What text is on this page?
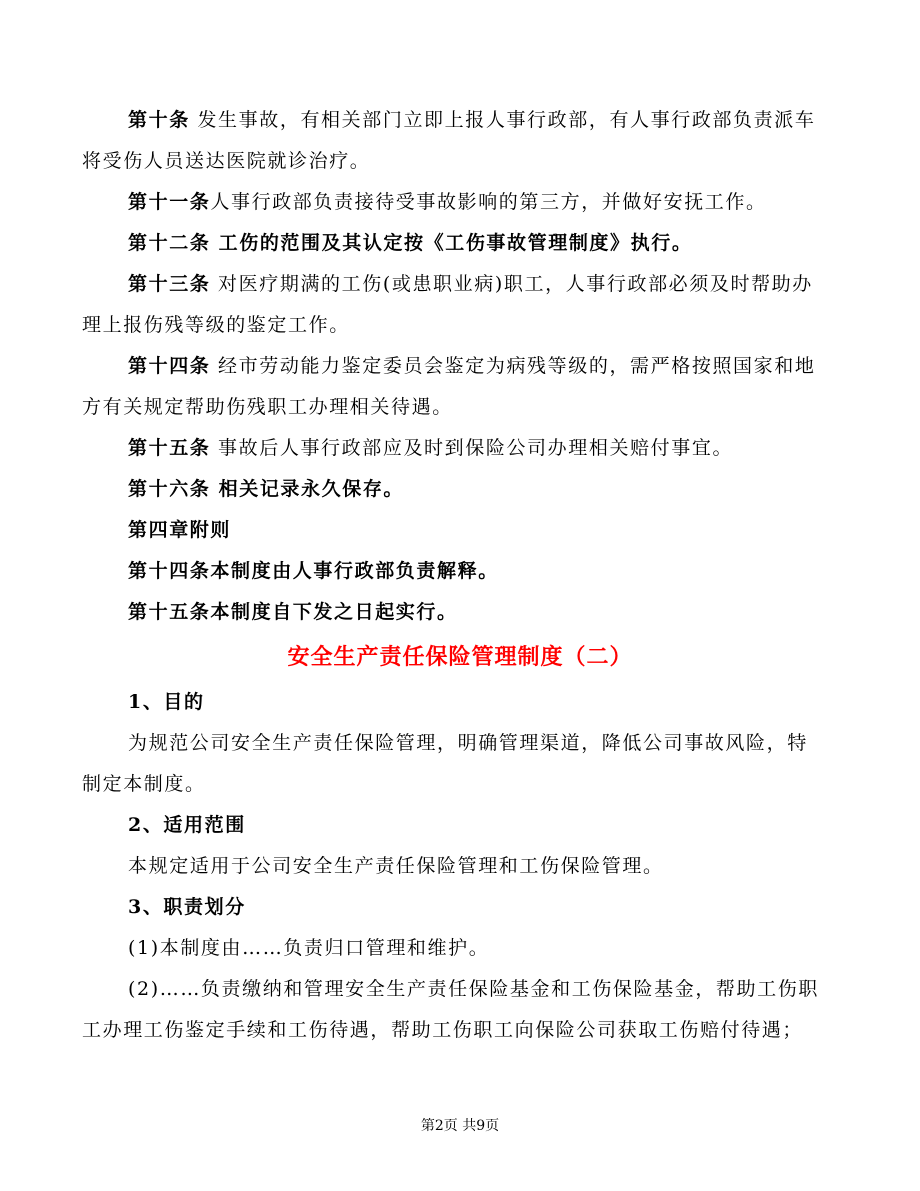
第十条 发生事故，有相关部门立即上报人事行政部，有人事行政部负责派车将受伤人员送达医院就诊治疗。

第十一条人事行政部负责接待受事故影响的第三方，并做好安抚工作。

第十二条 工伤的范围及其认定按《工伤事故管理制度》执行。

第十三条 对医疗期满的工伤(或患职业病)职工，人事行政部必须及时帮助办理上报伤残等级的鉴定工作。

第十四条 经市劳动能力鉴定委员会鉴定为病残等级的，需严格按照国家和地方有关规定帮助伤残职工办理相关待遇。

第十五条 事故后人事行政部应及时到保险公司办理相关赔付事宜。

第十六条 相关记录永久保存。

第四章附则

第十四条本制度由人事行政部负责解释。

第十五条本制度自下发之日起实行。

安全生产责任保险管理制度（二）

1、目的

为规范公司安全生产责任保险管理，明确管理渠道，降低公司事故风险，特制定本制度。

2、适用范围

本规定适用于公司安全生产责任保险管理和工伤保险管理。

3、职责划分

(1)本制度由……负责归口管理和维护。

(2)……负责缴纳和管理安全生产责任保险基金和工伤保险基金，帮助工伤职工办理工伤鉴定手续和工伤待遇，帮助工伤职工向保险公司获取工伤赔付待遇；

第2页 共9页
